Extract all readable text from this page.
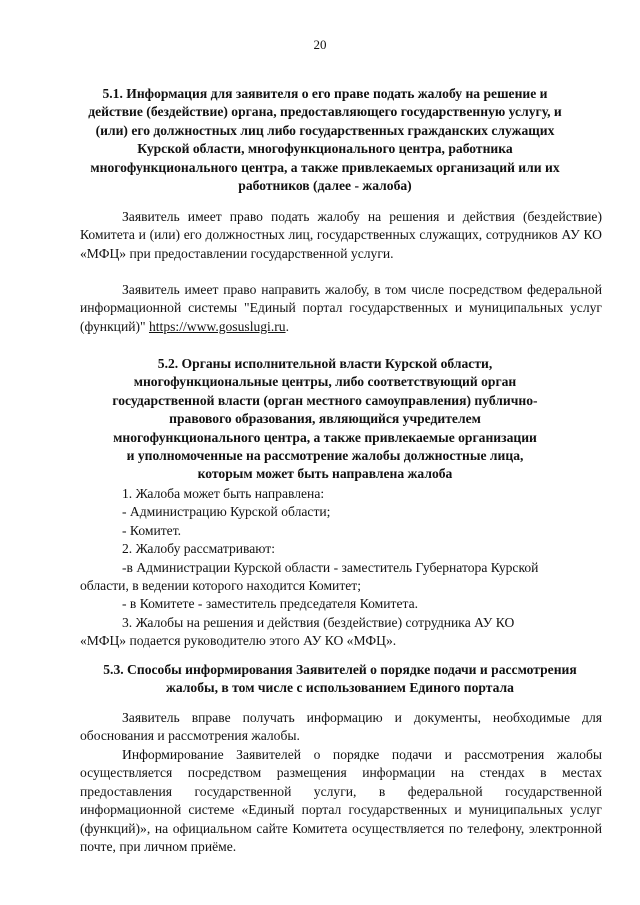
20
5.1. Информация для заявителя о его праве подать жалобу на решение и действие (бездействие) органа, предоставляющего государственную услугу, и (или) его должностных лиц либо государственных гражданских служащих Курской области, многофункционального центра, работника многофункционального центра, а также привлекаемых организаций или их работников (далее - жалоба)

Заявитель имеет право подать жалобу на решения и действия (бездействие) Комитета и (или) его должностных лиц, государственных служащих, сотрудников АУ КО «МФЦ» при предоставлении государственной услуги.

Заявитель имеет право направить жалобу, в том числе посредством федеральной информационной системы "Единый портал государственных и муниципальных услуг (функций)" https://www.gosuslugi.ru.

5.2. Органы исполнительной власти Курской области, многофункциональные центры, либо соответствующий орган государственной власти (орган местного самоуправления) публично-правового образования, являющийся учредителем многофункционального центра, а также привлекаемые организации и уполномоченные на рассмотрение жалобы должностные лица, которым может быть направлена жалоба
1. Жалоба может быть направлена:
- Администрацию Курской области;
- Комитет.
2. Жалобу рассматривают:
-в Администрации Курской области - заместитель Губернатора Курской
области, в ведении которого находится Комитет;
- в Комитете - заместитель председателя Комитета.
3. Жалобы на решения и действия (бездействие) сотрудника АУ КО
«МФЦ» подается руководителю этого АУ КО «МФЦ».
5.3. Способы информирования Заявителей о порядке подачи и рассмотрения жалобы, в том числе с использованием Единого портала

Заявитель вправе получать информацию и документы, необходимые для обоснования и рассмотрения жалобы.

Информирование Заявителей о порядке подачи и рассмотрения жалобы осуществляется посредством размещения информации на стендах в местах предоставления государственной услуги, в федеральной государственной информационной системе «Единый портал государственных и муниципальных услуг (функций)», на официальном сайте Комитета осуществляется по телефону, электронной почте, при личном приёме.
